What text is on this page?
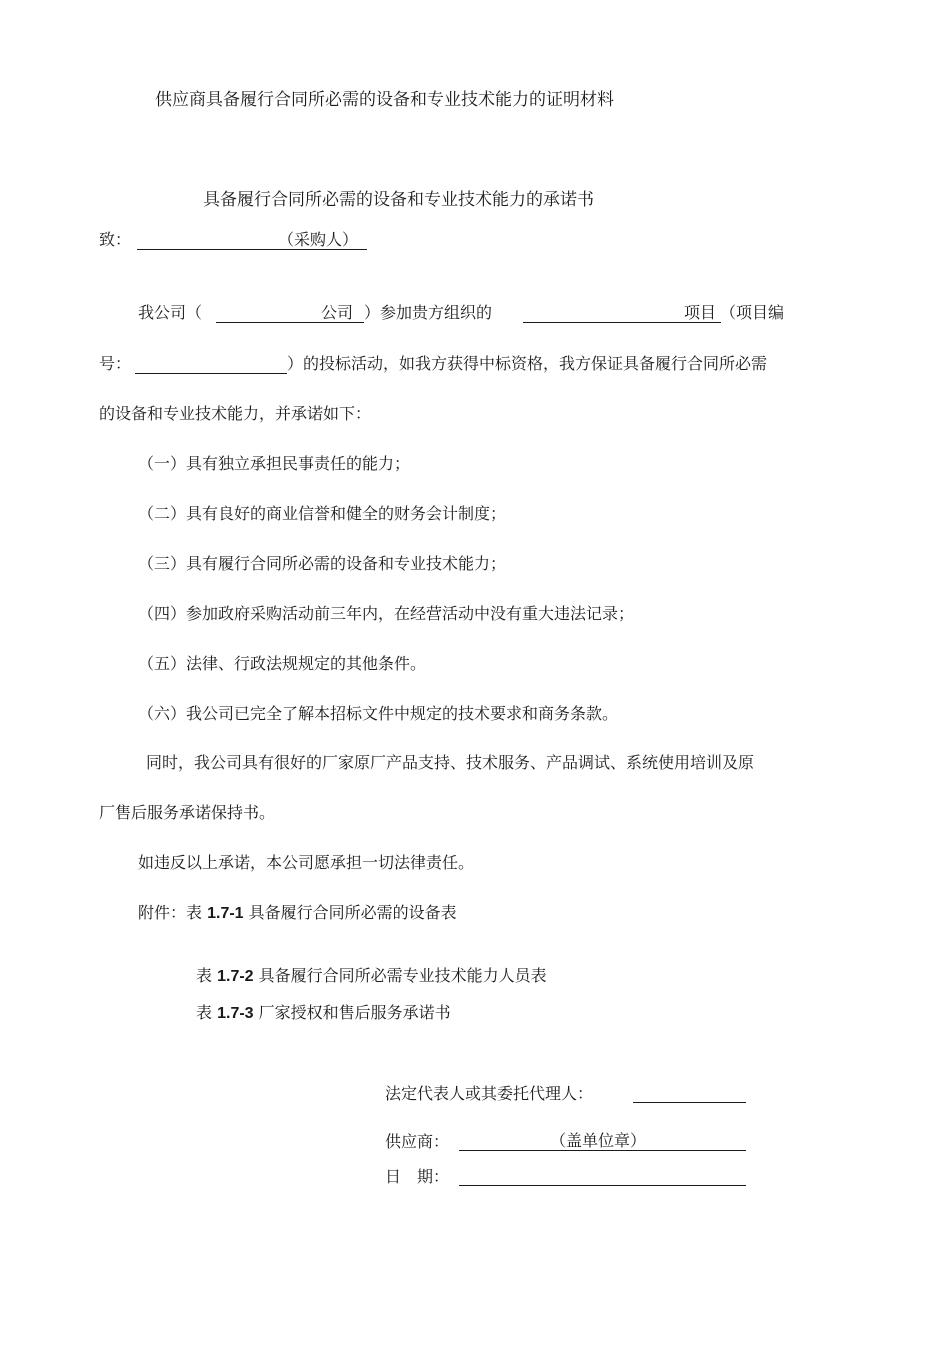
供应商具备履行合同所必需的设备和专业技术能力的证明材料
具备履行合同所必需的设备和专业技术能力的承诺书
致：	（采购人）
我公司（	公司 ）参加贵方组织的	项目 （项目编
号：	）的投标活动，如我方获得中标资格，我方保证具备履行合同所必需
的设备和专业技术能力，并承诺如下：
（一）具有独立承担民事责任的能力；
（二）具有良好的商业信誉和健全的财务会计制度；
（三）具有履行合同所必需的设备和专业技术能力；
（四）参加政府采购活动前三年内，在经营活动中没有重大违法记录；
（五）法律、行政法规规定的其他条件。
（六）我公司已完全了解本招标文件中规定的技术要求和商务条款。
同时，我公司具有很好的厂家原厂产品支持、技术服务、产品调试、系统使用培训及原
厂售后服务承诺保持书。
如违反以上承诺，本公司愿承担一切法律责任。
附件：表 1.7-1 具备履行合同所必需的设备表
表 1.7-2 具备履行合同所必需专业技术能力人员表
表 1.7-3 厂家授权和售后服务承诺书
法定代表人或其委托代理人：
供应商：	（盖单位章）
日　期：
